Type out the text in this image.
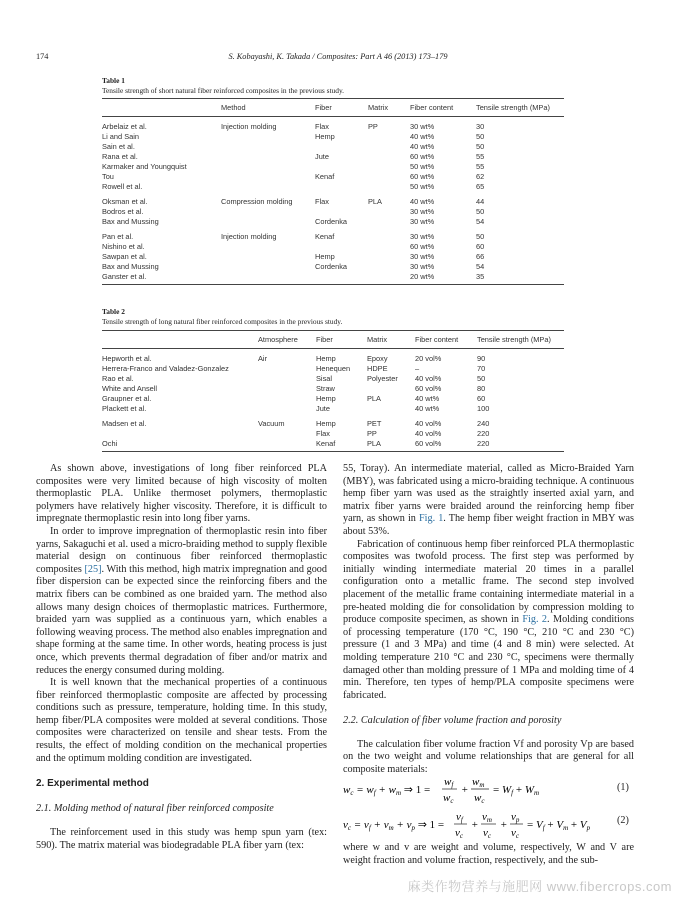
174	S. Kobayashi, K. Takada / Composites: Part A 46 (2013) 173–179
Table 1
Tensile strength of short natural fiber reinforced composites in the previous study.
	Method	Fiber	Matrix	Fiber content	Tensile strength (MPa)
Arbelaiz et al.	Injection molding	Flax	PP	30 wt%	30
Li and Sain		Hemp		40 wt%	50
Sain et al.				40 wt%	50
Rana et al.		Jute		60 wt%	55
Karmaker and Youngquist				50 wt%	55
Tou		Kenaf		60 wt%	62
Rowell et al.				50 wt%	65
Oksman et al.	Compression molding	Flax	PLA	40 wt%	44
Bodros et al.				30 wt%	50
Bax and Mussing		Cordenka		30 wt%	54
Pan et al.	Injection molding	Kenaf		30 wt%	50
Nishino et al.				60 wt%	60
Sawpan et al.		Hemp		30 wt%	66
Bax and Mussing		Cordenka		30 wt%	54
Ganster et al.				20 wt%	35
Table 2
Tensile strength of long natural fiber reinforced composites in the previous study.
	Atmosphere	Fiber	Matrix	Fiber content	Tensile strength (MPa)
Hepworth et al.	Air	Hemp	Epoxy	20 vol%	90
Herrera-Franco and Valadez-Gonzalez		Henequen	HDPE	–	70
Rao et al.		Sisal	Polyester	40 vol%	50
White and Ansell		Straw		60 vol%	80
Graupner et al.		Hemp	PLA	40 wt%	60
Plackett et al.		Jute		40 wt%	100
Madsen et al.	Vacuum	Hemp	PET	40 vol%	240
		Flax	PP	40 vol%	220
Ochi		Kenaf	PLA	60 vol%	220

As shown above, investigations of long fiber reinforced PLA composites were very limited because of high viscosity of molten thermoplastic PLA. Unlike thermoset polymers, thermoplastic polymers have relatively higher viscosity. Therefore, it is difficult to impregnate thermoplastic resin into long fiber yarns.

In order to improve impregnation of thermoplastic resin into fiber yarns, Sakaguchi et al. used a micro-braiding method to supply flexible material design on continuous fiber reinforced thermoplastic composites [25]. With this method, high matrix impregnation and good fiber dispersion can be expected since the reinforcing fibers and the matrix fibers can be combined as one braided yarn. The method also allows many design choices of thermoplastic matrices. Furthermore, braided yarn was supplied as a continuous yarn, which enables a following weaving process. The method also enables impregnation and shape forming at the same time. In other words, heating process is just once, which prevents thermal degradation of fiber and/or matrix and reduces the energy consumed during molding.

It is well known that the mechanical properties of a continuous fiber reinforced thermoplastic composite are affected by processing conditions such as pressure, temperature, holding time. In this study, hemp fiber/PLA composites were molded at several conditions. Those composites were characterized on tensile and shear tests. From the results, the effect of molding condition on the mechanical properties and the optimum molding condition are investigated.

2. Experimental method

2.1. Molding method of natural fiber reinforced composite

The reinforcement used in this study was hemp spun yarn (tex: 590). The matrix material was biodegradable PLA fiber yarn (tex:

55, Toray). An intermediate material, called as Micro-Braided Yarn (MBY), was fabricated using a micro-braiding technique. A continuous hemp fiber yarn was used as the straightly inserted axial yarn, and matrix fiber yarns were braided around the reinforcing hemp fiber yarn, as shown in Fig. 1. The hemp fiber weight fraction in MBY was about 53%.

Fabrication of continuous hemp fiber reinforced PLA thermoplastic composites was twofold process. The first step was performed by initially winding intermediate material 20 times in a parallel configuration onto a metallic frame. The second step involved placement of the metallic frame containing intermediate material in a pre-heated molding die for consolidation by compression molding to produce composite specimen, as shown in Fig. 2. Molding conditions of processing temperature (170 °C, 190 °C, 210 °C and 230 °C) pressure (1 and 3 MPa) and time (4 and 8 min) were selected. At molding temperature 210 °C and 230 °C, specimens were thermally damaged other than molding pressure of 1 MPa and molding time of 4 min. Therefore, ten types of hemp/PLA composite specimens were fabricated.

2.2. Calculation of fiber volume fraction and porosity

The calculation fiber volume fraction Vf and porosity Vp are based on the two weight and volume relationships that are general for all composite materials:

wc = wf + wm ⇒ 1 =
wf
wc
+
wm
wc
= Wf + Wm	(1)
vc = vf + vm + vp ⇒ 1 =
vf
vc
+
vm
vc
+
vp
vc
= Vf + Vm + Vp
(2)

where w and v are weight and volume, respectively, W and V are weight fraction and volume fraction, respectively, and the sub-

麻类作物营养与施肥网 www.fibercrops.com
